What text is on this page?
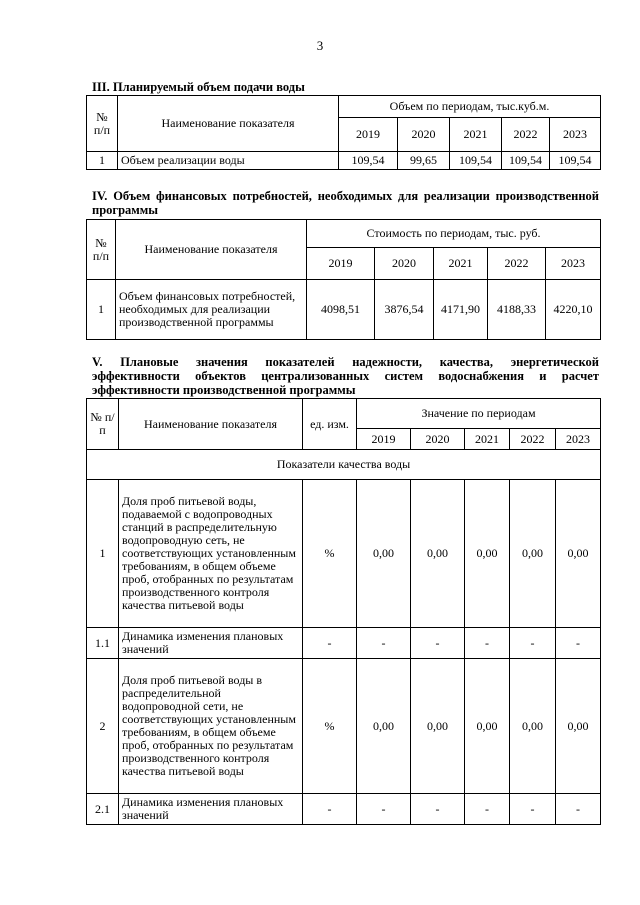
3
III. Планируемый объем подачи воды
№ п/п	Наименование показателя	Объем по периодам, тыс.куб.м.				
		2019	2020	2021	2022	2023
1	Объем реализации воды	109,54	99,65	109,54	109,54	109,54
IV. Объем финансовых потребностей, необходимых для реализации производственной программы
№ п/п	Наименование показателя	Стоимость по периодам, тыс. руб.				
		2019	2020	2021	2022	2023
1	Объем финансовых потребностей, необходимых для реализации производственной программы	4098,51	3876,54	4171,90	4188,33	4220,10
V. Плановые значения показателей надежности, качества, энергетической эффективности объектов централизованных систем водоснабжения и расчет эффективности производственной программы
№ п/п	Наименование показателя	ед. изм.	Значение по периодам				
			2019	2020	2021	2022	2023
Показатели качества воды							
1	Доля проб питьевой воды, подаваемой с водопроводных станций в распределительную водопроводную сеть, не соответствующих установленным требованиям, в общем объеме проб, отобранных по результатам производственного контроля качества питьевой воды	%	0,00	0,00	0,00	0,00	0,00
1.1	Динамика изменения плановых значений	-	-	-	-	-	-
2	Доля проб питьевой воды в распределительной водопроводной сети, не соответствующих установленным требованиям, в общем объеме проб, отобранных по результатам производственного контроля качества питьевой воды	%	0,00	0,00	0,00	0,00	0,00
2.1	Динамика изменения плановых значений	-	-	-	-	-	-
